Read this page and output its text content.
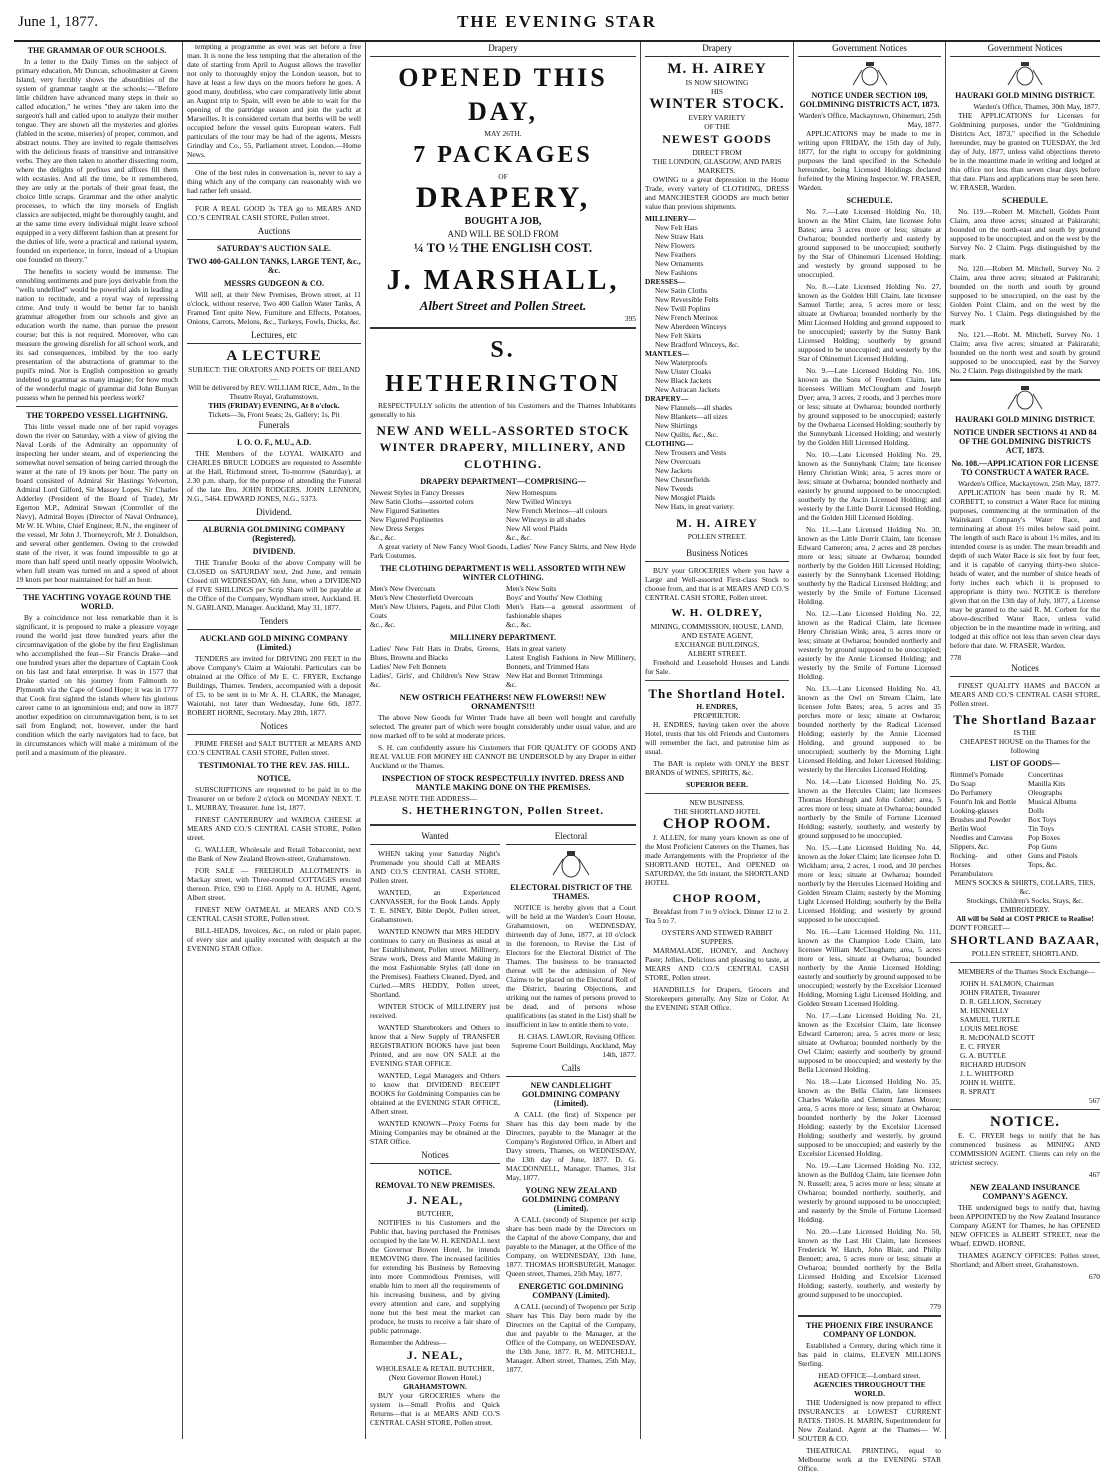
June 1, 1877.	THE EVENING STAR
THE GRAMMAR OF OUR SCHOOLS.

In a letter to the Daily Times on the subject of primary education, Mr Duncan, schoolmaster at Green Island, very forcibly shows the absurdities of the system of grammar taught at the schools:—"Before little children have advanced many steps in their so called education," he writes "they are taken into the surgeon's hall and called upon to analyze their mother tongue. They are shown all the mysteries and glories (fabled in the scene, miseries) of proper, common, and abstract nouns. They are invited to regale themselves with the delicious feasts of transitive and intransitive verbs. They are then taken to another dissecting room, where the delights of prefixes and affixes fill them with ecstasies. And all the time, be it remembered, they are only at the portals of their great feast, the choice little scraps. Grammar and the other analytic processes, to which the tiny morsels of English classics are subjected, might be thoroughly taught, and at the same time every individual might leave school equipped in a very different fashion than at present for the duties of life, were a practical and rational system, founded on experience, in force, instead of a Utopian one founded on theory."

The benefits to society would be immense. The ennobling sentiments and pure joys derivable from the "wells undefiled" would be powerful aids in leading a nation to rectitude, and a royal way of repressing crime. And truly it would be better far to banish grammar altogether from our schools and give an education worth the name, than pursue the present course; but this is not required. Moreover, who can measure the growing disrelish for all school work, and its sad consequences, imbibed by the too early presentation of the abstractions of grammar to the pupil's mind. Nor is English composition so greatly indebted to grammar as many imagine; for how much of the wonderful magic of grammar did John Bunyan possess when he penned his peerless work?

THE TORPEDO VESSEL LIGHTNING.

This little vessel made one of her rapid voyages down the river on Saturday, with a view of giving the Naval Lords of the Admiralty an opportunity of inspecting her under steam, and of experiencing the somewhat novel sensation of being carried through the water at the rate of 19 knots per hour. The party on board consisted of Admiral Sir Hastings Yelverton, Admiral Lord Gilford, Sir Massey Lopes, Sir Charles Adderley (President of the Board of Trade), Mr Egerton M.P., Admiral Stewart (Controller of the Navy), Admiral Boyes (Director of Naval Ordnance), Mr W. H. White, Chief Engineer, R.N., the engineer of the vessel, Mr John J. Thorneycroft, Mr J. Donaldson, and several other gentlemen. Owing to the crowded state of the river, it was found impossible to go at more than half speed until nearly opposite Woolwich, when full steam was turned on and a speed of about 19 knots per hour maintained for half an hour.

THE YACHTING VOYAGE ROUND THE WORLD.

By a coincidence not less remarkable than it is significant, it is proposed to make a pleasure voyage round the world just three hundred years after the circumnavigation of the globe by the first Englishman who accomplished the feat—Sir Francis Drake—and one hundred years after the departure of Captain Cook on his last and fatal enterprise. It was in 1577 that Drake started on his journey from Falmouth to Plymouth via the Cape of Good Hope; it was in 1777 that Cook first sighted the islands where his glorious career came to an ignominious end; and now in 1877 another expedition on circumnavigation bent, is to set sail from England; not, however, under the hard condition which the early navigators had to face, but in circumstances which will make a minimum of the peril and a maximum of the pleasure.

tempting a programme as ever was set before a free man. It is none the less tempting that the alteration of the date of starting from April to August allows the traveller not only to thoroughly enjoy the London season, but to have at least a few days on the moors before he goes. A good many, doubtless, who care comparatively little about an August trip to Spain, will even be able to wait for the opening of the partridge season and join the yacht at Marseilles. It is considered certain that berths will be well occupied before the vessel quits European waters. Full particulars of the tour may be had of the agents, Messrs Grindlay and Co., 55, Parliament street, London.—Home News.

One of the best rules in conversation is, never to say a thing which any of the company can reasonably wish we had rather left unsaid.

FOR A REAL GOOD 3s TEA go to MEARS AND CO.'S CENTRAL CASH STORE, Pollen street.

Auctions
SATURDAY'S AUCTION SALE.
TWO 400-GALLON TANKS, LARGE TENT, &c., &c.
MESSRS GUDGEON & CO.

Will sell, at their New Premises, Brown street, at 11 o'clock, without reserve, Two 400 Gallon Water Tanks, A Framed Tent quite New, Furniture and Effects, Potatoes, Onions, Carrots, Melons, &c., Turkeys, Fowls, Ducks, &c.

Lectures, etc
A LECTURE
SUBJECT: THE ORATORS AND POETS OF IRELAND—
Will be delivered by REV. WILLIAM RICE, Adm., In the Theatre Royal, Grahamstown.
THIS (FRIDAY) EVENING, At 8 o'clock.
Tickets—3s, Front Seats; 2s, Gallery; 1s, Pit
Funerals
I. O. O. F., M.U., A.D.

THE Members of the LOYAL WAIKATO and CHARLES BRUCE LODGES are requested to Assemble at the Hall, Richmond street, To-morrow (Saturday), at 2.30 p.m. sharp, for the purpose of attending the Funeral of the late Bro. JOHN RODGERS. JOHN LENNON, N.G., 5464. EDWARD JONES, N.G., 5373.

Dividend.
ALBURNIA GOLDMINING COMPANY (Registered).
DIVIDEND.

THE Transfer Books of the above Company will be CLOSED on SATURDAY next, 2nd June, and remain Closed till WEDNESDAY, 6th June, when a DIVIDEND of FIVE SHILLINGS per Scrip Share will be payable at the Office of the Company, Wyndham street, Auckland. H. N. GARLAND, Manager. Auckland, May 31, 1877.

Tenders
AUCKLAND GOLD MINING COMPANY (Limited.)

TENDERS are invited for DRIVING 200 FEET in the above Company's Claim at Waiotahi. Particulars can be obtained at the Office of Mr E. C. FRYER, Exchange Buildings, Thames. Tenders, accompanied with a deposit of £5, to be sent in to Mr A. H. CLARK, the Manager, Waiotahi, not later than Wednesday, June 6th, 1877. ROBERT HORNE, Secretary. May 28th, 1877.

Notices

PRIME FRESH and SALT BUTTER at MEARS AND CO.'S CENTRAL CASH STORE, Pollen street.

TESTIMONIAL TO THE REV. JAS. HILL.
NOTICE.

SUBSCRIPTIONS are requested to be paid in to the Treasurer on or before 2 o'clock on MONDAY NEXT. T. L. MURRAY, Treasurer. June 1st, 1877.

FINEST CANTERBURY and WAIROA CHEESE at MEARS AND CO.'S CENTRAL CASH STORE, Pollen street.

G. WALLER, Wholesale and Retail Tobacconist, next the Bank of New Zealand Brown-street, Grahamstown.

FOR SALE — FREEHOLD ALLOTMENTS in Mackay street, with Three-roomed COTTAGES erected thereon. Price, £90 to £160. Apply to A. HUME, Agent, Albert street.

FINEST NEW OATMEAL at MEARS AND CO.'S CENTRAL CASH STORE, Pollen street.

BILL-HEADS, Invoices, &c., on ruled or plain paper, of every size and quality executed with despatch at the EVENING STAR Office.

Drapery
OPENED THIS DAY,
MAY 26TH.
7 PACKAGES
OF
DRAPERY,
BOUGHT A JOB,
AND WILL BE SOLD FROM
¼ TO ½ THE ENGLISH COST.
J. MARSHALL,
Albert Street and Pollen Street.
395
S. HETHERINGTON

RESPECTFULLY solicits the attention of his Customers and the Thames Inhabitants generally to his

NEW AND WELL-ASSORTED STOCK
WINTER DRAPERY, MILLINERY, AND CLOTHING.
DRAPERY DEPARTMENT—COMPRISING—
Newest Styles in Fancy Dresses
New Satin Cloths—assorted colors
New Figured Satinettes
New Figured Poplinettes
New Dress Serges
&c., &c.
New Homespuns
New Twilled Winceys
New French Merinos—all colours
New Winceys in all shades
New All wool Plaids
&c., &c.

A great variety of New Fancy Wool Goods, Ladies' New Fancy Skirts, and New Hyde Park Costumes.

THE CLOTHING DEPARTMENT IS WELL ASSORTED WITH NEW WINTER CLOTHING.
Men's New Overcoats
Men's New Chesterfield Overcoats
Men's New Ulsters, Pagets, and Pilot Cloth Coats
&c., &c.
Men's New Suits
Boys' and Youths' New Clothing
Men's Hats—a general assortment of fashionable shapes
&c., &c.
MILLINERY DEPARTMENT.
Ladies' New Felt Hats in Drabs, Greens, Blues, Browns and Blacks
Ladies' New Felt Bonnets
Ladies', Girls', and Children's New Straw &c.
Hats in great variety
Latest English Fashions in New Millinery, Bonnets, and Trimmed Hats
New Hat and Bonnet Trimmings
&c.
NEW OSTRICH FEATHERS! NEW FLOWERS!! NEW ORNAMENTS!!!

The above New Goods for Winter Trade have all been well bought and carefully selected. The greater part of which were bought considerably under usual value, and are now marked off to be sold at moderate prices.

S. H. can confidently assure his Customers that FOR QUALITY OF GOODS AND REAL VALUE FOR MONEY HE CANNOT BE UNDERSOLD by any Draper in either Auckland or the Thames.

INSPECTION OF STOCK RESPECTFULLY INVITED. DRESS AND MANTLE MAKING DONE ON THE PREMISES.
PLEASE NOTE THE ADDRESS—
S. HETHERINGTON, Pollen Street.
Wanted

WHEN taking your Saturday Night's Promenade you should Call at MEARS AND CO.'S CENTRAL CASH STORE, Pollen street.

WANTED, an Experienced CANVASSER, for the Book Lands. Apply T. E. SINEY, Bible Depôt, Pollen street, Grahamstown.

WANTED KNOWN that MRS HEDDY continues to carry on Business as usual at her Establishment, Pollen street. Millinery, Straw work, Dress and Mantle Making in the most Fashionable Styles (all done on the Premises). Feathers Cleaned, Dyed, and Curled.—MRS HEDDY, Pollen street, Shortland.

WINTER STOCK of MILLINERY just received.

WANTED Sharebrokers and Others to know that a New Supply of TRANSFER REGISTRATION BOOKS have just been Printed, and are now ON SALE at the EVENING STAR OFFICE.

WANTED, Legal Managers and Others to know that DIVIDEND RECEIPT BOOKS for Goldmining Companies can be obtained at the EVENING STAR OFFICE, Albert street.

WANTED KNOWN—Proxy Forms for Mining Companies may be obtained at the STAR Office.

Notices
NOTICE.
REMOVAL TO NEW PREMISES.
J. NEAL,
BUTCHER,

NOTIFIES to his Customers and the Public that, having purchased the Premises occupied by the late W. H. KENDALL next the Governor Bowen Hotel, he intends REMOVING there. The increased facilities for extending his Business by Removing into more Commodious Premises, will enable him to meet all the requirements of his increasing business, and by giving every attention and care, and supplying none but the best meat the market can produce, he trusts to receive a fair share of public patronage.

Remember the Address—
J. NEAL,
WHOLESALE & RETAIL BUTCHER, (Next Governor Bowen Hotel,)
GRAHAMSTOWN.

BUY your GROCERIES where the system is—Small Profits and Quick Returns—that is at MEARS AND CO.'S CENTRAL CASH STORE, Pollen street.

Electoral
ELECTORAL DISTRICT OF THE THAMES.

NOTICE is hereby given that a Court will be held at the Warden's Court House, Grahamstown, on WEDNESDAY, thirteenth day of June, 1877, at 10 o'clock in the forenoon, to Revise the List of Electors for the Electoral District of The Thames. The business to be transacted thereat will be the admission of New Claims to be placed on the Electoral Roll of the District, hearing Objections, and striking out the names of persons proved to be dead, and of persons whose qualifications (as stated in the List) shall be insufficient in law to entitle them to vote.

H. CHAS. LAWLOR, Revising Officer. Supreme Court Buildings, Auckland, May 14th, 1877.

Calls
NEW CANDLELIGHT GOLDMINING COMPANY (Limited).

A CALL (the first) of Sixpence per Share has this day been made by the Directors, payable to the Manager at the Company's Registered Office, in Albert and Davy streets, Thames, on WEDNESDAY, the 13th day of June, 1877. D. G. MACDONNELL, Manager. Thames, 31st May, 1877.

YOUNG NEW ZEALAND GOLDMINING COMPANY (Limited).

A CALL (second) of Sixpence per scrip share has been made by the Directors on the Capital of the above Company, due and payable to the Manager, at the Office of the Company, on WEDNESDAY, 13th June, 1877. THOMAS HORSBURGH, Manager. Queen street, Thames, 25th May, 1877.

ENERGETIC GOLDMINING COMPANY (Limited).

A CALL (second) of Twopence per Scrip Share has This Day been made by the Directors on the Capital of the Company, due and payable to the Manager, at the Office of the Company, on WEDNESDAY, the 13th June, 1877. R. M. MITCHELL, Manager. Albert street, Thames, 25th May, 1877.

Drapery
M. H. AIREY
IS NOW SHOWING
HIS
WINTER STOCK.
EVERY VARIETY
OF THE
NEWEST GOODS
DIRECT FROM
THE LONDON, GLASGOW, AND PARIS MARKETS.

OWING to a great depression in the Home Trade, every variety of CLOTHING, DRESS and MANCHESTER GOODS are much better value than previous shipments.

MILLINERY—
New Felt Hats
New Straw Hats
New Flowers
New Feathers
New Ornaments
New Fashions
DRESSES—
New Satin Cloths
New Reversible Felts
New Twill Poplins
New French Merinos
New Aberdeen Winceys
New Felt Skirts
New Bradford Winceys, &c.
MANTLES—
New Waterproofs
New Ulster Cloaks
New Black Jackets
New Astracan Jackets
DRAPERY—
New Flannels—all shades
New Blankets—all sizes
New Shirtings
New Quilts, &c., &c.
CLOTHING—
New Trousers and Vests
New Overcoats
New Jackets
New Chesterfields
New Tweeds
New Mosgiel Plaids
New Hats, in great variety.
M. H. AIREY
POLLEN STREET.
Business Notices

BUY your GROCERIES where you have a Large and Well-assorted First-class Stock to choose from, and that is at MEARS AND CO.'S CENTRAL CASH STORE, Pollen street.

W. H. OLDREY,
MINING, COMMISSION, HOUSE, LAND, AND ESTATE AGENT,
EXCHANGE BUILDINGS,
ALBERT STREET.

Freehold and Leasehold Houses and Lands for Sale.

The Shortland Hotel.
H. ENDRES,
PROPRIETOR.

H. ENDRES, having taken over the above Hotel, trusts that his old Friends and Customers will remember the fact, and patronise him as usual.

The BAR is replete with ONLY the BEST BRANDS of WINES, SPIRITS, &c.

SUPERIOR BEER.
NEW BUSINESS.
THE SHORTLAND HOTEL
CHOP ROOM.

J. ALLEN, for many years known as one of the Most Proficient Caterers on the Thames, has made Arrangements with the Proprietor of the SHORTLAND HOTEL, And OPENED on SATURDAY, the 5th instant, the SHORTLAND HOTEL

CHOP ROOM,

Breakfast from 7 to 9 o'clock. Dinner 12 to 2. Tea 5 to 7.

OYSTERS AND STEWED RABBIT SUPPERS.

MARMALADE, HONEY, and Anchovy Paste; Jellies, Delicious and pleasing to taste, at MEARS AND CO.'S CENTRAL CASH STORE, Pollen street.

HANDBILLS for Drapers, Grocers and Storekeepers generally. Any Size or Color. At the EVENING STAR Office.

Government Notices
NOTICE UNDER SECTION 109, GOLDMINING DISTRICTS ACT, 1873.
Warden's Office, Mackaytown, Ohinemuri, 25th May, 1877.

APPLICATIONS may be made to me in writing upon FRIDAY, the 15th day of July, 1877, for the right to occupy for goldmining purposes the land specified in the Schedule hereunder, being Licensed Holdings declared forfeited by the Mining Inspector. W. FRASER, Warden.

SCHEDULE.

No. 7.—Late Licensed Holding No. 10, known as the Mint Claim, late licensee John Bates; area 3 acres more or less; situate at Owharoa; bounded northerly and easterly by ground supposed to be unoccupied; southerly by the Star of Ohinemuri Licensed Holding; and westerly by ground supposed to be unoccupied.

No. 8.—Late Licensed Holding No. 27, known as the Golden Hill Claim, late licensee Samuel Turtle; area, 5 acres more or less; situate at Owharoa; bounded northerly by the Mint Licensed Holding and ground supposed to be unoccupied; easterly by the Sunny Bank Licensed Holding; southerly by ground supposed to be unoccupied; and westerly by the Star of Ohinemuri Licensed Holding.

No. 9.—Late Licensed Holding No. 106, known as the Sons of Freedom Claim, late licensees William McClougham and Joseph Dyer; area, 3 acres, 2 roods, and 3 perches more or less; situate at Owharoa; bounded northerly by ground supposed to be unoccupied; easterly by the Owharoa Licensed Holding; southerly by the Sunnybank Licensed Holding; and westerly by the Golden Hill Licensed Holding.

No. 10.—Late Licensed Holding No. 29, known as the Sunnybank Claim; late licensee Henry Christian Wink; area, 5 acres more or less; situate at Owharoa; bounded northerly and easterly by ground supposed to be unoccupied; southerly by the Ascin Licensed Holding; and westerly by the Little Dorrit Licensed Holding, and the Golden Hill Licensed Holding.

No. 11.—Late Licensed Holding No. 30, known as the Little Dorrit Claim, late licensee Edward Cameron; area, 2 acres and 28 perches more or less; situate at Owharoa; bounded northerly by the Golden Hill Licensed Holding; easterly by the Sunnybank Licensed Holding; southerly by the Radical Licensed Holding; and westerly by the Smile of Fortune Licensed Holding.

No. 12.—Late Licensed Holding No. 22, known as the Radical Claim, late licensee Henry Christian Wink; area, 5 acres more or less; situate at Owharoa; bounded northerly and westerly by ground supposed to be unoccupied; easterly by the Annie Licensed Holding; and westerly by the Smile of Fortune Licensed Holding.

No. 13.—Late Licensed Holding No. 43, known as the Owl on Stream Claim, late licensee John Bates; area, 5 acres and 35 perches more or less; situate at Owharoa; bounded northerly by the Radical Licensed Holding; easterly by the Annie Licensed Holding, and ground supposed to be unoccupied; southerly by the Morning Light Licensed Holding, and Joker Licensed Holding; westerly by the Hercules Licensed Holding.

No. 14.—Late Licensed Holding No. 25, known as the Hercules Claim; late licensees Thomas Horsbrugh and John Colder; area, 5 acres more or less; situate at Owharoa; bounded northerly by the Smile of Fortune Licensed Holding; easterly, southerly, and westerly by ground supposed to be unoccupied.

No. 15.—Late Licensed Holding No. 44, known as the Joker Claim; late licensee John D. Wickham; area, 2 acres, 1 rood, and 30 perches more or less; situate at Owharoa; bounded northerly by the Hercules Licensed Holding and Golden Stream Claim; easterly by the Morning Light Licensed Holding; southerly by the Bella Licensed Holding; and westerly by ground supposed to be unoccupied.

No. 16.—Late Licensed Holding No. 111, known as the Champion Lode Claim, late licensee William McClougham; area, 5 acres more or less, situate at Owharoa; bounded northerly by the Annie Licensed Holding; easterly and southerly by ground supposed to be unoccupied; westerly by the Excelsior Licensed Holding, Morning Light Licensed Holding, and Golden Stream Licensed Holding.

No. 17.—Late Licensed Holding No. 21, known as the Excelsior Claim, late licensee Edward Cameron; area, 5 acres more or less; situate at Owharoa; bounded northerly by the Owl Claim; easterly and southerly by ground supposed to be unoccupied; and westerly by the Bella Licensed Holding.

No. 18.—Late Licensed Holding No. 35, known as the Bella Claim, late licensees Charles Wakelin and Clement James Moore; area, 5 acres more or less; situate at Owharoa; bounded northerly by the Joker Licensed Holding; easterly by the Excelsior Licensed Holding; southerly and westerly, by ground supposed to be unoccupied; and easterly by the Excelsior Licensed Holding.

No. 19.—Late Licensed Holding No. 132, known as the Bulldog Claim, late licensee John N. Russell; area, 5 acres more or less; situate at Owharoa; bounded northerly, southerly, and westerly by ground supposed to be unoccupied; and easterly by the Smile of Fortune Licensed Holding.

No. 20.—Late Licensed Holding No. 50, known as the Last Hit Claim, late licensees Frederick W. Hatch, John Blair, and Philip Bennett; area, 5 acres more or less; situate at Owharoa; bounded northerly by the Bella Licensed Holding and Excelsior Licensed Holding; easterly, southerly, and westerly by ground supposed to be unoccupied.

779
THE PHOENIX FIRE INSURANCE COMPANY OF LONDON.

Established a Century, during which time it has paid in claims, ELEVEN MILLIONS Sterling.

HEAD OFFICE—Lombard street.
AGENCIES THROUGHOUT THE WORLD.

THE Undersigned is now prepared to effect INSURANCES at LOWEST CURRENT RATES. THOS. H. MARIN, Superintendent for New Zealand. Agent at the Thames— W. SOUTER & CO.

THEATRICAL PRINTING, equal to Melbourne work at the EVENING STAR Office.

Government Notices
HAURAKI GOLD MINING DISTRICT.
Warden's Office, Thames, 30th May, 1877.

THE APPLICATIONS for Licenses for Goldmining purposes, under the "Goldmining Districts Act, 1873," specified in the Schedule hereunder, may be granted on TUESDAY, the 3rd day of July, 1877, unless valid objections thereto be in the meantime made in writing and lodged at this office not less than seven clear days before that date. Plans and applications may be seen here. W. FRASER, Warden.

SCHEDULE.

No. 119.—Robert M. Mitchell, Golden Point Claim, area three acres; situated at Pakirarahi; bounded on the north-east and south by ground supposed to be unoccupied, and on the west by the Survey No. 2 Claim. Pegs distinguished by the mark

No. 120.—Robert M. Mitchell, Survey No. 2 Claim, area three acres; situated at Pakirarahi; bounded on the north and south by ground supposed to be unoccupied, on the east by the Golden Point Claim, and on the west by the Survey No. 1 Claim. Pegs distinguished by the mark

No. 121.—Robt. M. Mitchell, Survey No. 1 Claim; area five acres; situated at Pakirarahi; bounded on the north west and south by ground supposed to be unoccupied, east by the Survey No. 2 Claim. Pegs distinguished by the mark

HAURAKI GOLD MINING DISTRICT.
NOTICE UNDER SECTIONS 41 AND 84 OF THE GOLDMINING DISTRICTS ACT, 1873.
No. 108.—APPLICATION FOR LICENSE TO CONSTRUCT A WATER RACE.
Warden's Office, Mackaytown, 25th May, 1877.

APPLICATION has been made by R. M. CORBETT, to construct a Water Race for mining purposes, commencing at the termination of the Waitekauri Company's Water Race, and terminating at about 1½ miles below said point. The length of such Race is about 1½ miles, and its intended course is as under. The mean breadth and depth of such Water Race is six feet by four feet, and it is capable of carrying thirty-two sluice-heads of water, and the number of sluice heads of forty inches each which it is proposed to appropriate is thirty two. NOTICE is therefore given that on the 13th day of July, 1877, a License may be granted to the said R. M. Corbett for the above-described Water Race, unless valid objection be in the meantime made in writing, and lodged at this office not less than seven clear days before that date. W. FRASER, Warden.

778
Notices

FINEST QUALITY HAMS and BACON at MEARS AND CO.'S CENTRAL CASH STORE, Pollen street.

The Shortland Bazaar
IS THE
CHEAPEST HOUSE on the Thames for the following
LIST OF GOODS—
Rimmel's Pomade
Do Soap
Do Perfumery
Fount'n Ink and Bottle
Looking-glasses
Brushes and Powder
Berlin Wool
Needles and Canvass
Slippers, &c.
Rocking- and other Horses
Perambulators
Concertinas
Manilla Kits
Oleographs
Musical Albums
Dolls
Box Toys
Tin Toys
Pop Boxes
Pop Guns
Guns and Pistols
Tops, &c.
MEN'S SOCKS & SHIRTS, COLLARS, TIES, &c.
Stockings, Children's Socks, Stays, &c. EMBROIDERY.
All will be Sold at COST PRICE to Realise!
DON'T FORGET—
SHORTLAND BAZAAR,
POLLEN STREET, SHORTLAND.

MEMBERS of the Thames Stock Exchange—

JOHN H. SALMON, Chairman
JOHN FRATER, Treasurer
D. R. GELLION, Secretary
M. HENNELLY
SAMUEL TURTLE
LOUIS MELROSE
R. McDONALD SCOTT
E. C. FRYER
G. A. BUTTLE
RICHARD HUDSON
J. L. WHITFORD
JOHN H. WHITE.
R. SPRATT
567
NOTICE.

E. C. FRYER begs to notify that he has commenced business as MINING AND COMMISSION AGENT. Clients can rely on the strictest secrecy.

467
NEW ZEALAND INSURANCE COMPANY'S AGENCY.

THE undersigned begs to notify that, having been APPOINTED by the New Zealand Insurance Company AGENT for Thames, he has OPENED NEW OFFICES in ALBERT STREET, near the Wharf. EDWD. HORNE.

THAMES AGENCY OFFICES: Pollen street, Shortland; and Albert street, Grahamstown.

670
